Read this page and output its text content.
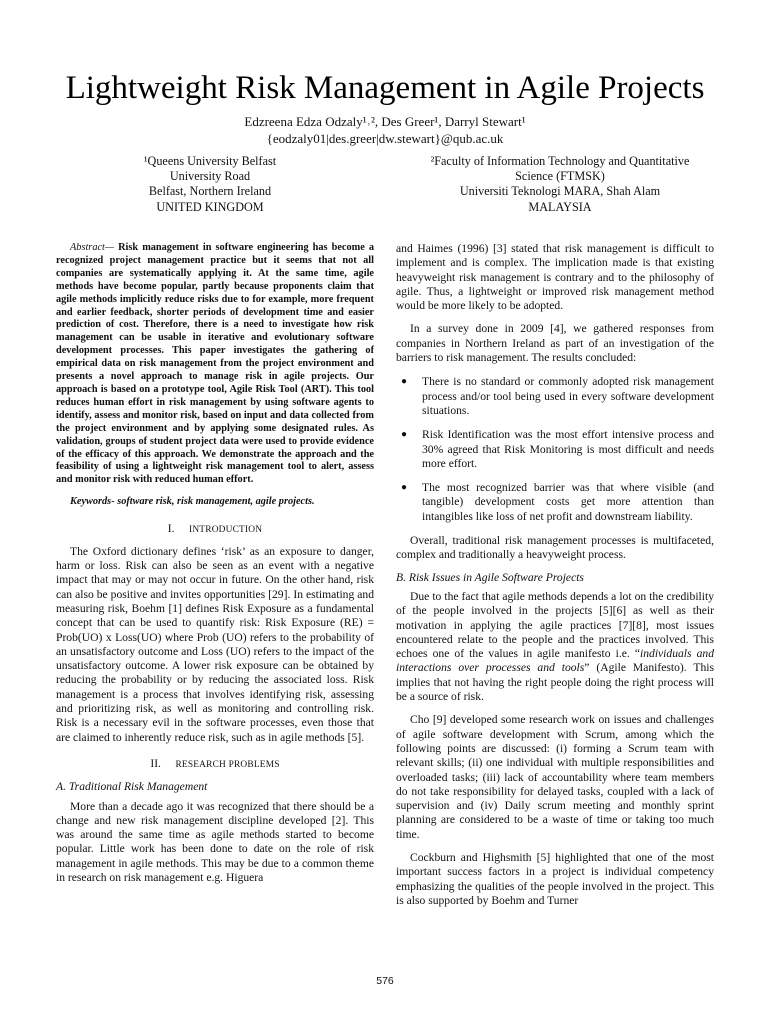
Lightweight Risk Management in Agile Projects
Edzreena Edza Odzaly¹˒², Des Greer¹, Darryl Stewart¹
{eodzaly01|des.greer|dw.stewart}@qub.ac.uk
¹Queens University Belfast
University Road
Belfast, Northern Ireland
UNITED KINGDOM
²Faculty of Information Technology and Quantitative
Science (FTMSK)
Universiti Teknologi MARA, Shah Alam
MALAYSIA

Abstract— Risk management in software engineering has become a recognized project management practice but it seems that not all companies are systematically applying it. At the same time, agile methods have become popular, partly because proponents claim that agile methods implicitly reduce risks due to for example, more frequent and earlier feedback, shorter periods of development time and easier prediction of cost. Therefore, there is a need to investigate how risk management can be usable in iterative and evolutionary software development processes. This paper investigates the gathering of empirical data on risk management from the project environment and presents a novel approach to manage risk in agile projects. Our approach is based on a prototype tool, Agile Risk Tool (ART). This tool reduces human effort in risk management by using software agents to identify, assess and monitor risk, based on input and data collected from the project environment and by applying some designated rules. As validation, groups of student project data were used to provide evidence of the efficacy of this approach. We demonstrate the approach and the feasibility of using a lightweight risk management tool to alert, assess and monitor risk with reduced human effort.

Keywords- software risk, risk management, agile projects.

I. INTRODUCTION

The Oxford dictionary defines ‘risk’ as an exposure to danger, harm or loss. Risk can also be seen as an event with a negative impact that may or may not occur in future. On the other hand, risk can also be positive and invites opportunities [29]. In estimating and measuring risk, Boehm [1] defines Risk Exposure as a fundamental concept that can be used to quantify risk: Risk Exposure (RE) = Prob(UO) x Loss(UO) where Prob (UO) refers to the probability of an unsatisfactory outcome and Loss (UO) refers to the impact of the unsatisfactory outcome. A lower risk exposure can be obtained by reducing the probability or by reducing the associated loss. Risk management is a process that involves identifying risk, assessing and prioritizing risk, as well as monitoring and controlling risk. Risk is a necessary evil in the software processes, even those that are claimed to inherently reduce risk, such as in agile methods [5].

II. RESEARCH PROBLEMS

A. Traditional Risk Management

More than a decade ago it was recognized that there should be a change and new risk management discipline developed [2]. This was around the same time as agile methods started to become popular. Little work has been done to date on the role of risk management in agile methods. This may be due to a common theme in research on risk management e.g. Higuera

and Haimes (1996) [3] stated that risk management is difficult to implement and is complex. The implication made is that existing heavyweight risk management is contrary and to the philosophy of agile. Thus, a lightweight or improved risk management method would be more likely to be adopted.

In a survey done in 2009 [4], we gathered responses from companies in Northern Ireland as part of an investigation of the barriers to risk management. The results concluded:

● There is no standard or commonly adopted risk management process and/or tool being used in every software development situations.
● Risk Identification was the most effort intensive process and 30% agreed that Risk Monitoring is most difficult and needs more effort.
● The most recognized barrier was that where visible (and tangible) development costs get more attention than intangibles like loss of net profit and downstream liability.

Overall, traditional risk management processes is multifaceted, complex and traditionally a heavyweight process.

B. Risk Issues in Agile Software Projects

Due to the fact that agile methods depends a lot on the credibility of the people involved in the projects [5][6] as well as their motivation in applying the agile practices [7][8], most issues encountered relate to the people and the practices involved. This echoes one of the values in agile manifesto i.e. “individuals and interactions over processes and tools” (Agile Manifesto). This implies that not having the right people doing the right process will be a source of risk.

Cho [9] developed some research work on issues and challenges of agile software development with Scrum, among which the following points are discussed: (i) forming a Scrum team with relevant skills; (ii) one individual with multiple responsibilities and overloaded tasks; (iii) lack of accountability where team members do not take responsibility for delayed tasks, coupled with a lack of supervision and (iv) Daily scrum meeting and monthly sprint planning are considered to be a waste of time or taking too much time.

Cockburn and Highsmith [5] highlighted that one of the most important success factors in a project is individual competency emphasizing the qualities of the people involved in the project. This is also supported by Boehm and Turner

576
